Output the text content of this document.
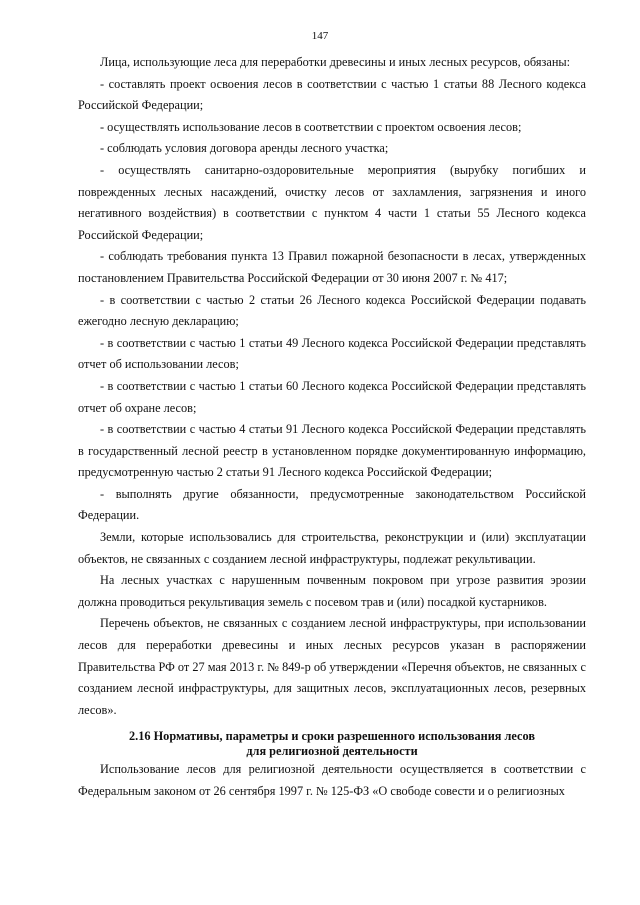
147

Лица, использующие леса для переработки древесины и иных лесных ресурсов, обязаны:

- составлять проект освоения лесов в соответствии с частью 1 статьи 88 Лесного кодекса Российской Федерации;

- осуществлять использование лесов в соответствии с проектом освоения лесов;

- соблюдать условия договора аренды лесного участка;

- осуществлять санитарно-оздоровительные мероприятия (вырубку погибших и поврежденных лесных насаждений, очистку лесов от захламления, загрязнения и иного негативного воздействия) в соответствии с пунктом 4 части 1 статьи 55 Лесного кодекса Российской Федерации;

- соблюдать требования пункта 13 Правил пожарной безопасности в лесах, утвержденных постановлением Правительства Российской Федерации от 30 июня 2007 г. № 417;

- в соответствии с частью 2 статьи 26 Лесного кодекса Российской Федерации подавать ежегодно лесную декларацию;

- в соответствии с частью 1 статьи 49 Лесного кодекса Российской Федерации представлять отчет об использовании лесов;

- в соответствии с частью 1 статьи 60 Лесного кодекса Российской Федерации представлять отчет об охране лесов;

- в соответствии с частью 4 статьи 91 Лесного кодекса Российской Федерации представлять в государственный лесной реестр в установленном порядке документированную информацию, предусмотренную частью 2 статьи 91 Лесного кодекса Российской Федерации;

- выполнять другие обязанности, предусмотренные законодательством Российской Федерации.

Земли, которые использовались для строительства, реконструкции и (или) эксплуатации объектов, не связанных с созданием лесной инфраструктуры, подлежат рекультивации.

На лесных участках с нарушенным почвенным покровом при угрозе развития эрозии должна проводиться рекультивация земель с посевом трав и (или) посадкой кустарников.

Перечень объектов, не связанных с созданием лесной инфраструктуры, при использовании лесов для переработки древесины и иных лесных ресурсов указан в распоряжении Правительства РФ от 27 мая 2013 г. № 849-р об утверждении «Перечня объектов, не связанных с созданием лесной инфраструктуры, для защитных лесов, эксплуатационных лесов, резервных лесов».

2.16 Нормативы, параметры и сроки разрешенного использования лесов
для религиозной деятельности

Использование лесов для религиозной деятельности осуществляется в соответствии с Федеральным законом от 26 сентября 1997 г. № 125-ФЗ «О свободе совести и о религиозных
